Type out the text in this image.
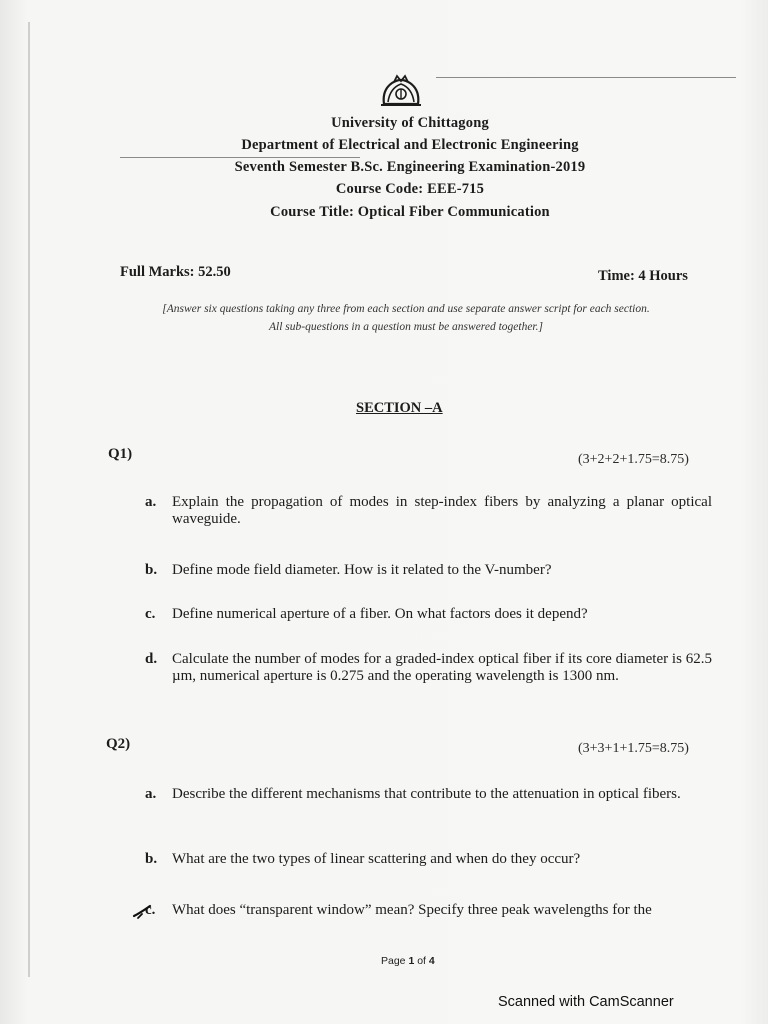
University of Chittagong
Department of Electrical and Electronic Engineering
Seventh Semester B.Sc. Engineering Examination-2019
Course Code: EEE-715
Course Title: Optical Fiber Communication
Full Marks: 52.50	Time: 4 Hours
[Answer six questions taking any three from each section and use separate answer script for each section.
All sub-questions in a question must be answered together.]
SECTION –A
Q1)	(3+2+2+1.75=8.75)
a.	Explain the propagation of modes in step-index fibers by analyzing a planar optical waveguide.
b. Define mode field diameter. How is it related to the V-number?
c.	Define numerical aperture of a fiber. On what factors does it depend?
d. Calculate the number of modes for a graded-index optical fiber if its core diameter is 62.5 µm, numerical aperture is 0.275 and the operating wavelength is 1300 nm.
Q2)	(3+3+1+1.75=8.75)
a.	Describe the different mechanisms that contribute to the attenuation in optical fibers.
b. What are the two types of linear scattering and when do they occur?
c.	What does “transparent window” mean? Specify three peak wavelengths for the
Page 1 of 4
Scanned with CamScanner
